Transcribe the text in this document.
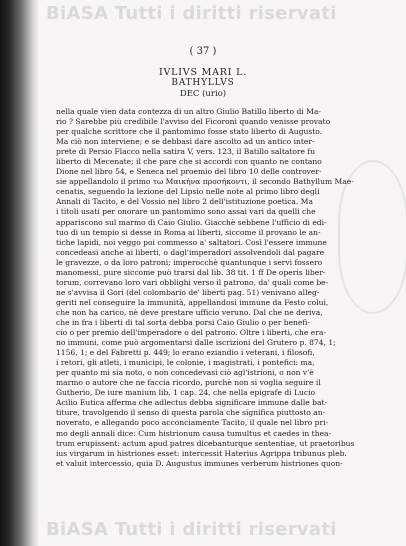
BiASA Tutti i diritti riservati
( 37 )
IVLIVS MARI L.
BATHYLLVS
DEC (urio)
nella quale vien data contezza di un altro Giulio Batillo liberto di Ma-
rio ? Sarebbe più credibile l'avviso del Ficoroni quando venisse provato
per qualche scrittore che il pantomimo fosse stato liberto di Augusto.
Ma ciò non interviene; e se debbasi dare ascolto ad un antico inter-
prete di Persio Flacco nella satira V, vers. 123, il Batillo saltatore fu
liberto di Mecenate; il che pare che si accordi con quanto ne contano
Dione nel libro 54, e Seneca nel proemio del libro 10 delle controver-
sie appellandolo il primo τω Μαικήνα προσήκοντι, il secondo Bathyllum Mae-
cenatis, seguendo la lezione del Lipsio nelle note al primo libro degli
Annali di Tacito, e del Vossio nel libro 2 dell'istituzione poetica. Ma
i titoli usati per onorare un pantomimo sono assai vari da quelli che
appariscono sul marmo di Caio Giulio. Giacchè sebbene l'ufficio di edi-
tuo di un tempio si desse in Roma ai liberti, siccome il provano le an-
tiche lapidi, noi veggo poi commesso a' saltatori. Così l'essere immune
concedeasi anche ai liberti, o dagl'imperadori assolvendoli dal pagare
le gravezze, o da loro patroni; imperocchè quantunque i servi fossero
manomessi, pure siccome può trarsi dal lib. 38 tit. 1 ff De operis liber-
torum, correvano loro vari obblighi verso il patrono, da' quali come be-
ne s'avvisa il Gori (del colombario de' liberti pag. 51) venivano alleg-
geriti nel conseguire la immunità, appellandosi immune da Festo colui,
che non ha carico, nè deve prestare ufficio veruno. Dal che ne deriva,
che in fra i liberti di tal sorta debba porsi Caio Giulio o per benefi-
cio o per premio dell'imperadore o del patrono. Oltre i liberti, che era-
no immuni, come può argomentarsi dalle iscrizioni del Grutero p. 874, 1;
1156, 1; e del Fabretti p. 449; lo erano eziandio i veterani, i filosofi,
i retori, gli atleti, i municipi, le colonie, i magistrati, i pontefici: ma,
per quanto mi sia noto, o non concedevasi ciò agl'istrioni, o non v'è
marmo o autore che ne faccia ricordo, purchè non si voglia seguire il
Gutherio, De iure manium lib. 1 cap. 24, che nella epigrafe di Lucio
Acilio Eutica afferma che adlectus debba significare immune dalle bat-
titure, travolgendo il senso di questa parola che significa piuttosto an-
noverato, e allegando poco acconciamente Tacito, il quale nel libro pri-
mo degli annali dice: Cum histrionum causa tumultus et caedes in thea-
trum erupissent: actum apud patres dicebanturque sententiae, ut praetoribus
ius virgarum in histriones esset: intercessit Haterius Agrippa tribunus pleb.
et valuit intercessio, quia D. Augustus immunes verberum histriones quon-
BiASA Tutti i diritti riservati
